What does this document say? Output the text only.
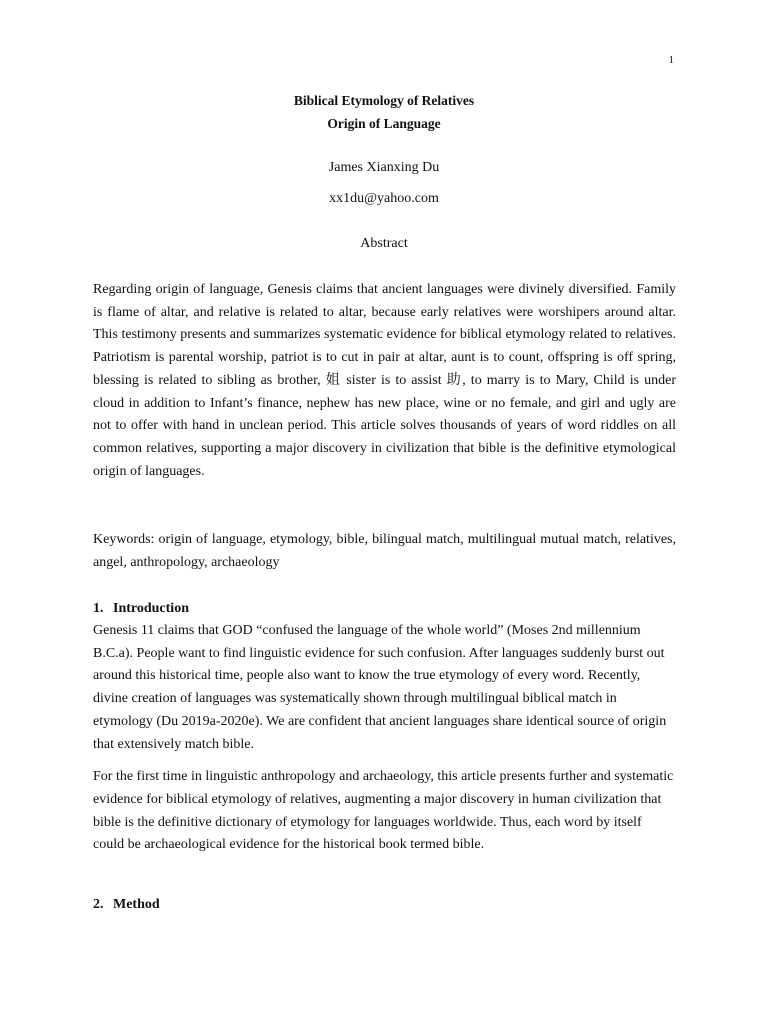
1
Biblical Etymology of Relatives
Origin of Language
James Xianxing Du
xx1du@yahoo.com
Abstract
Regarding origin of language, Genesis claims that ancient languages were divinely diversified. Family is flame of altar, and relative is related to altar, because early relatives were worshipers around altar. This testimony presents and summarizes systematic evidence for biblical etymology related to relatives. Patriotism is parental worship, patriot is to cut in pair at altar, aunt is to count, offspring is off spring, blessing is related to sibling as brother, 姐 sister is to assist 助, to marry is to Mary, Child is under cloud in addition to Infant’s finance, nephew has new place, wine or no female, and girl and ugly are not to offer with hand in unclean period. This article solves thousands of years of word riddles on all common relatives, supporting a major discovery in civilization that bible is the definitive etymological origin of languages.
Keywords: origin of language, etymology, bible, bilingual match, multilingual mutual match, relatives, angel, anthropology, archaeology
1. Introduction

Genesis 11 claims that GOD “confused the language of the whole world” (Moses 2nd millennium B.C.a). People want to find linguistic evidence for such confusion. After languages suddenly burst out around this historical time, people also want to know the true etymology of every word. Recently, divine creation of languages was systematically shown through multilingual biblical match in etymology (Du 2019a-2020e). We are confident that ancient languages share identical source of origin that extensively match bible.

For the first time in linguistic anthropology and archaeology, this article presents further and systematic evidence for biblical etymology of relatives, augmenting a major discovery in human civilization that bible is the definitive dictionary of etymology for languages worldwide. Thus, each word by itself could be archaeological evidence for the historical book termed bible.

2. Method
